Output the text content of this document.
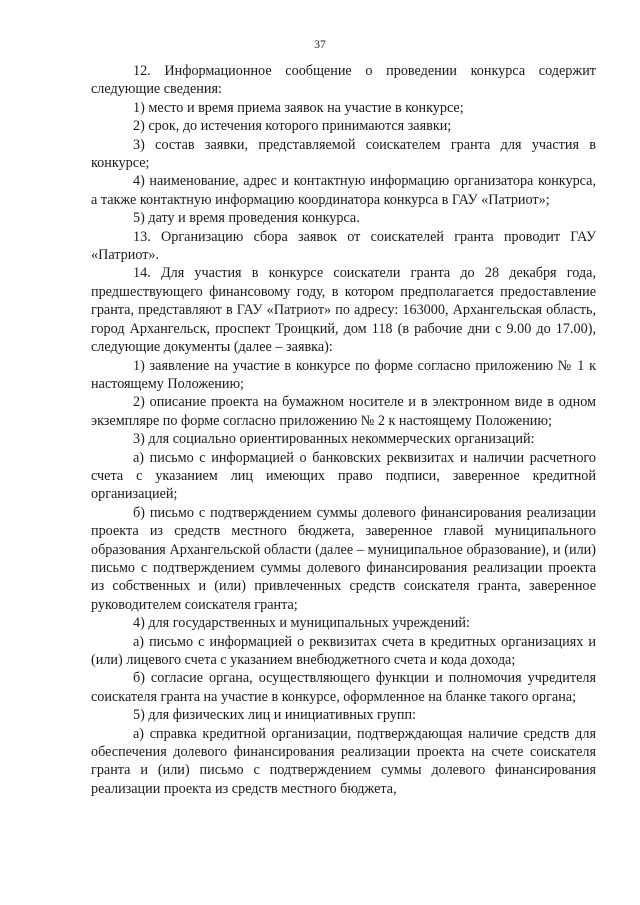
37

12. Информационное сообщение о проведении конкурса содержит следующие сведения:

1) место и время приема заявок на участие в конкурсе;

2) срок, до истечения которого принимаются заявки;

3) состав заявки, представляемой соискателем гранта для участия в конкурсе;

4) наименование, адрес и контактную информацию организатора конкурса, а также контактную информацию координатора конкурса в ГАУ «Патриот»;

5) дату и время проведения конкурса.

13. Организацию сбора заявок от соискателей гранта проводит ГАУ «Патриот».

14. Для участия в конкурсе соискатели гранта до 28 декабря года, предшествующего финансовому году, в котором предполагается предоставление гранта, представляют в ГАУ «Патриот» по адресу: 163000, Архангельская область, город Архангельск, проспект Троицкий, дом 118 (в рабочие дни с 9.00 до 17.00), следующие документы (далее – заявка):

1) заявление на участие в конкурсе по форме согласно приложению № 1 к настоящему Положению;

2) описание проекта на бумажном носителе и в электронном виде в одном экземпляре по форме согласно приложению № 2 к настоящему Положению;

3) для социально ориентированных некоммерческих организаций:

а) письмо с информацией о банковских реквизитах и наличии расчетного счета с указанием лиц имеющих право подписи, заверенное кредитной организацией;

б) письмо с подтверждением суммы долевого финансирования реализации проекта из средств местного бюджета, заверенное главой муниципального образования Архангельской области (далее – муниципальное образование), и (или) письмо с подтверждением суммы долевого финансирования реализации проекта из собственных и (или) привлеченных средств соискателя гранта, заверенное руководителем соискателя гранта;

4) для государственных и муниципальных учреждений:

а) письмо с информацией о реквизитах счета в кредитных организациях и (или) лицевого счета с указанием внебюджетного счета и кода дохода;

б) согласие органа, осуществляющего функции и полномочия учредителя соискателя гранта на участие в конкурсе, оформленное на бланке такого органа;

5) для физических лиц и инициативных групп:

а) справка кредитной организации, подтверждающая наличие средств для обеспечения долевого финансирования реализации проекта на счете соискателя гранта и (или) письмо с подтверждением суммы долевого финансирования реализации проекта из средств местного бюджета,
